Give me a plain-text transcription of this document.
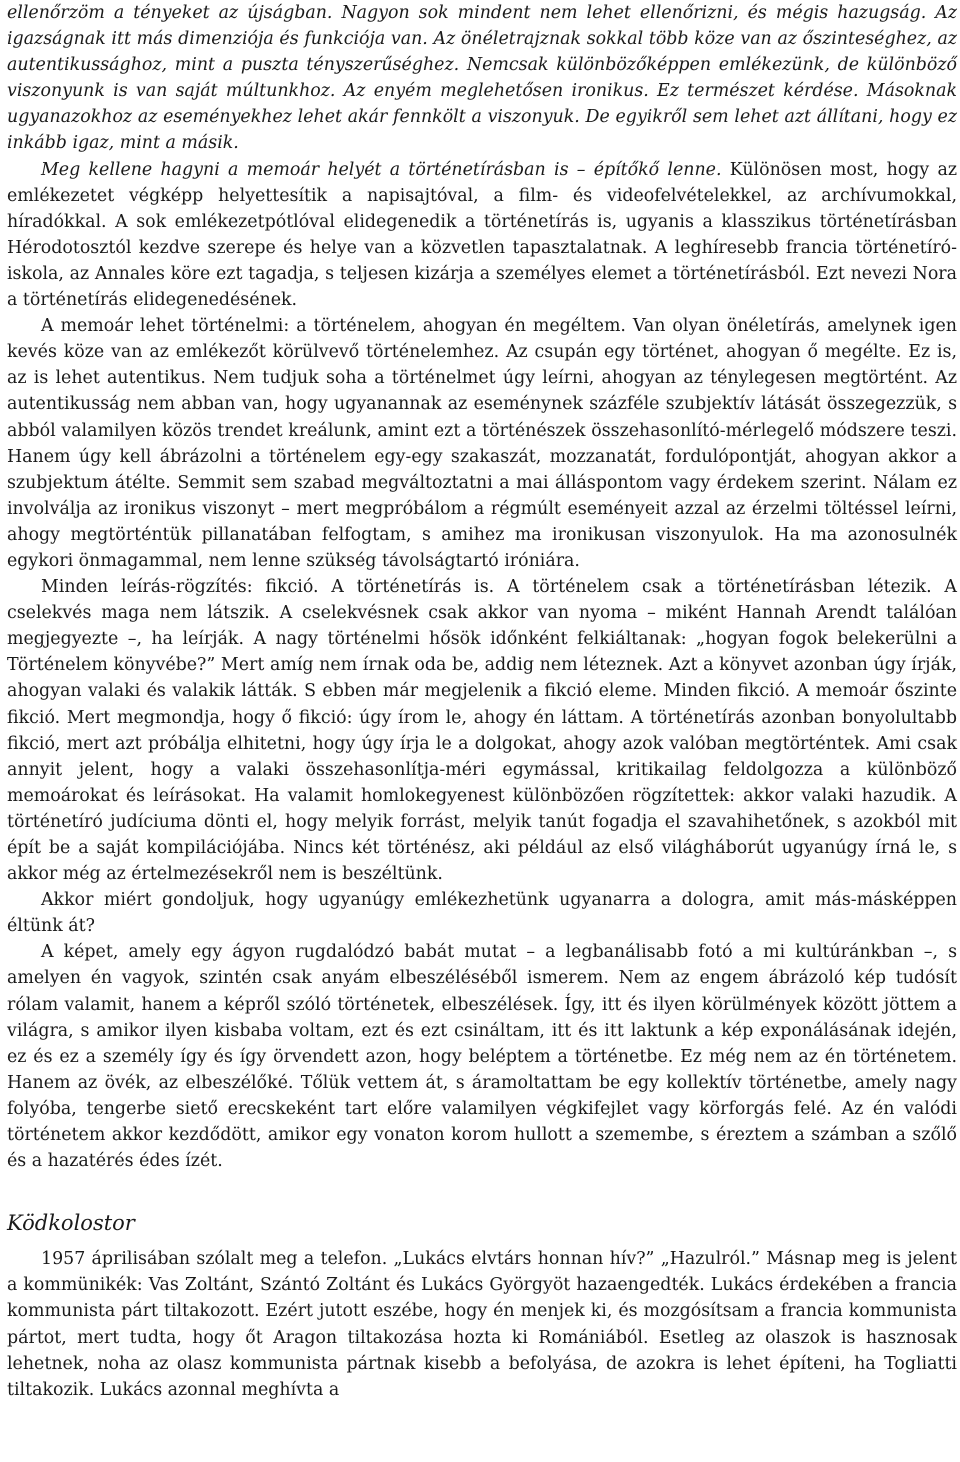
ellenőrzöm a tényeket az újságban. Nagyon sok mindent nem lehet ellenőrizni, és mégis hazugság. Az igazságnak itt más dimenziója és funkciója van. Az önéletrajznak sokkal több köze van az őszinteséghez, az autentikussághoz, mint a puszta tényszerűséghez. Nemcsak különbözőképpen emlékezünk, de különböző viszonyunk is van saját múltunkhoz. Az enyém meglehetősen ironikus. Ez természet kérdése. Másoknak ugyanazokhoz az eseményekhez lehet akár fennkölt a viszonyuk. De egyikről sem lehet azt állítani, hogy ez inkább igaz, mint a másik.

Meg kellene hagyni a memoár helyét a történetírásban is – építőkő lenne. Különösen most, hogy az emlékezetet végképp helyettesítik a napisajtóval, a film- és videofelvételekkel, az archívumokkal, híradókkal. A sok emlékezetpótlóval elidegenedik a történetírás is, ugyanis a klasszikus történetírásban Hérodotosztól kezdve szerepe és helye van a közvetlen tapasztalatnak. A leghíresebb francia történetíró-iskola, az Annales köre ezt tagadja, s teljesen kizárja a személyes elemet a történetírásból. Ezt nevezi Nora a történetírás elidegenedésének.

A memoár lehet történelmi: a történelem, ahogyan én megéltem. Van olyan önéletírás, amelynek igen kevés köze van az emlékezőt körülvevő történelemhez. Az csupán egy történet, ahogyan ő megélte. Ez is, az is lehet autentikus. Nem tudjuk soha a történelmet úgy leírni, ahogyan az ténylegesen megtörtént. Az autentikusság nem abban van, hogy ugyanannak az eseménynek százféle szubjektív látását összegezzük, s abból valamilyen közös trendet kreálunk, amint ezt a történészek összehasonlító-mérlegelő módszere teszi. Hanem úgy kell ábrázolni a történelem egy-egy szakaszát, mozzanatát, fordulópontját, ahogyan akkor a szubjektum átélte. Semmit sem szabad megváltoztatni a mai álláspontom vagy érdekem szerint. Nálam ez involválja az ironikus viszonyt – mert megpróbálom a régmúlt eseményeit azzal az érzelmi töltéssel leírni, ahogy megtörténtük pillanatában felfogtam, s amihez ma ironikusan viszonyulok. Ha ma azonosulnék egykori önmagammal, nem lenne szükség távolságtartó iróniára.

Minden leírás-rögzítés: fikció. A történetírás is. A történelem csak a történetírásban létezik. A cselekvés maga nem látszik. A cselekvésnek csak akkor van nyoma – miként Hannah Arendt találóan megjegyezte –, ha leírják. A nagy történelmi hősök időnként felkiáltanak: „hogyan fogok belekerülni a Történelem könyvébe?” Mert amíg nem írnak oda be, addig nem léteznek. Azt a könyvet azonban úgy írják, ahogyan valaki és valakik látták. S ebben már megjelenik a fikció eleme. Minden fikció. A memoár őszinte fikció. Mert megmondja, hogy ő fikció: úgy írom le, ahogy én láttam. A történetírás azonban bonyolultabb fikció, mert azt próbálja elhitetni, hogy úgy írja le a dolgokat, ahogy azok valóban megtörténtek. Ami csak annyit jelent, hogy a valaki összehasonlítja-méri egymással, kritikailag feldolgozza a különböző memoárokat és leírásokat. Ha valamit homlokegyenest különbözően rögzítettek: akkor valaki hazudik. A történetíró judíciuma dönti el, hogy melyik forrást, melyik tanút fogadja el szavahihetőnek, s azokból mit épít be a saját kompilációjába. Nincs két történész, aki például az első világháborút ugyanúgy írná le, s akkor még az értelmezésekről nem is beszéltünk.

Akkor miért gondoljuk, hogy ugyanúgy emlékezhetünk ugyanarra a dologra, amit más-másképpen éltünk át?

A képet, amely egy ágyon rugdalódzó babát mutat – a legbanálisabb fotó a mi kultúránkban –, s amelyen én vagyok, szintén csak anyám elbeszéléséből ismerem. Nem az engem ábrázoló kép tudósít rólam valamit, hanem a képről szóló történetek, elbeszélések. Így, itt és ilyen körülmények között jöttem a világra, s amikor ilyen kisbaba voltam, ezt és ezt csináltam, itt és itt laktunk a kép exponálásának idején, ez és ez a személy így és így örvendett azon, hogy beléptem a történetbe. Ez még nem az én történetem. Hanem az övék, az elbeszélőké. Tőlük vettem át, s áramoltattam be egy kollektív történetbe, amely nagy folyóba, tengerbe siető erecskeként tart előre valamilyen végkifejlet vagy körforgás felé. Az én valódi történetem akkor kezdődött, amikor egy vonaton korom hullott a szemembe, s éreztem a számban a szőlő és a hazatérés édes ízét.

Ködkolostor

1957 áprilisában szólalt meg a telefon. „Lukács elvtárs honnan hív?” „Hazulról.” Másnap meg is jelent a kommünikék: Vas Zoltánt, Szántó Zoltánt és Lukács Györgyöt hazaengedték. Lukács érdekében a francia kommunista párt tiltakozott. Ezért jutott eszébe, hogy én menjek ki, és mozgósítsam a francia kommunista pártot, mert tudta, hogy őt Aragon tiltakozása hozta ki Romániából. Esetleg az olaszok is hasznosak lehetnek, noha az olasz kommunista pártnak kisebb a befolyása, de azokra is lehet építeni, ha Togliatti tiltakozik. Lukács azonnal meghívta a
